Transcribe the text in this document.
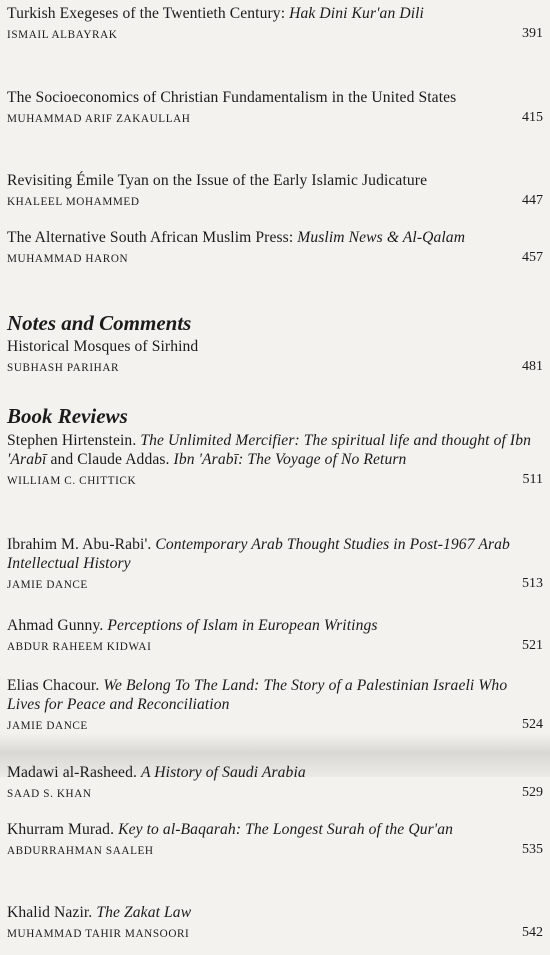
Turkish Exegeses of the Twentieth Century: Hak Dini Kur'an Dili

ISMAIL ALBAYRAK	391

The Socioeconomics of Christian Fundamentalism in the United States

MUHAMMAD ARIF ZAKAULLAH	415

Revisiting Émile Tyan on the Issue of the Early Islamic Judicature

KHALEEL MOHAMMED	447

The Alternative South African Muslim Press: Muslim News & Al-Qalam

MUHAMMAD HARON	457
Notes and Comments

Historical Mosques of Sirhind

SUBHASH PARIHAR	481
Book Reviews

Stephen Hirtenstein. The Unlimited Mercifier: The spiritual life and thought of Ibn 'Arabī and Claude Addas. Ibn 'Arabī: The Voyage of No Return

WILLIAM C. CHITTICK	511

Ibrahim M. Abu-Rabi'. Contemporary Arab Thought Studies in Post-1967 Arab Intellectual History

JAMIE DANCE	513

Ahmad Gunny. Perceptions of Islam in European Writings

ABDUR RAHEEM KIDWAI	521

Elias Chacour. We Belong To The Land: The Story of a Palestinian Israeli Who Lives for Peace and Reconciliation

JAMIE DANCE	524

Madawi al-Rasheed. A History of Saudi Arabia

SAAD S. KHAN	529

Khurram Murad. Key to al-Baqarah: The Longest Surah of the Qur'an

ABDURRAHMAN SAALEH	535

Khalid Nazir. The Zakat Law

MUHAMMAD TAHIR MANSOORI	542
